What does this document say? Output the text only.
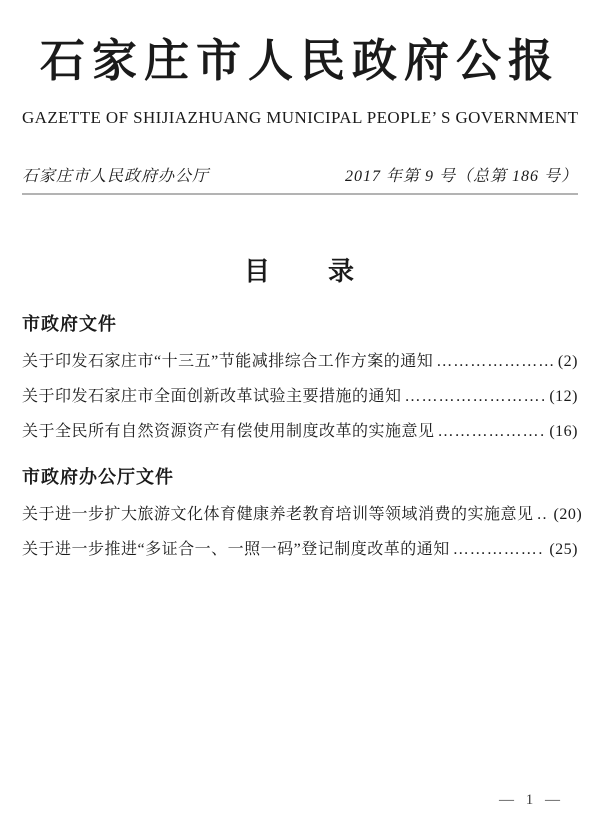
石家庄市人民政府公报
GAZETTE OF SHIJIAZHUANG MUNICIPAL PEOPLE’ S GOVERNMENT
石家庄市人民政府办公厅	2017 年第 9 号（总第 186 号）
目　　录
市政府文件
关于印发石家庄市“十三五”节能减排综合工作方案的通知 ……………………………………………………………………………………………………	(2)
关于印发石家庄市全面创新改革试验主要措施的通知 ……………………………………………………………………………………………………	(12)
关于全民所有自然资源资产有偿使用制度改革的实施意见 ……………………………………………………………………………………………………	(16)
市政府办公厅文件
关于进一步扩大旅游文化体育健康养老教育培训等领域消费的实施意见 …………………………………………………………………………………………………… (20)
关于进一步推进“多证合一、一照一码”登记制度改革的通知 ……………………………………………………………………………………………………	(25)
— 1 —
